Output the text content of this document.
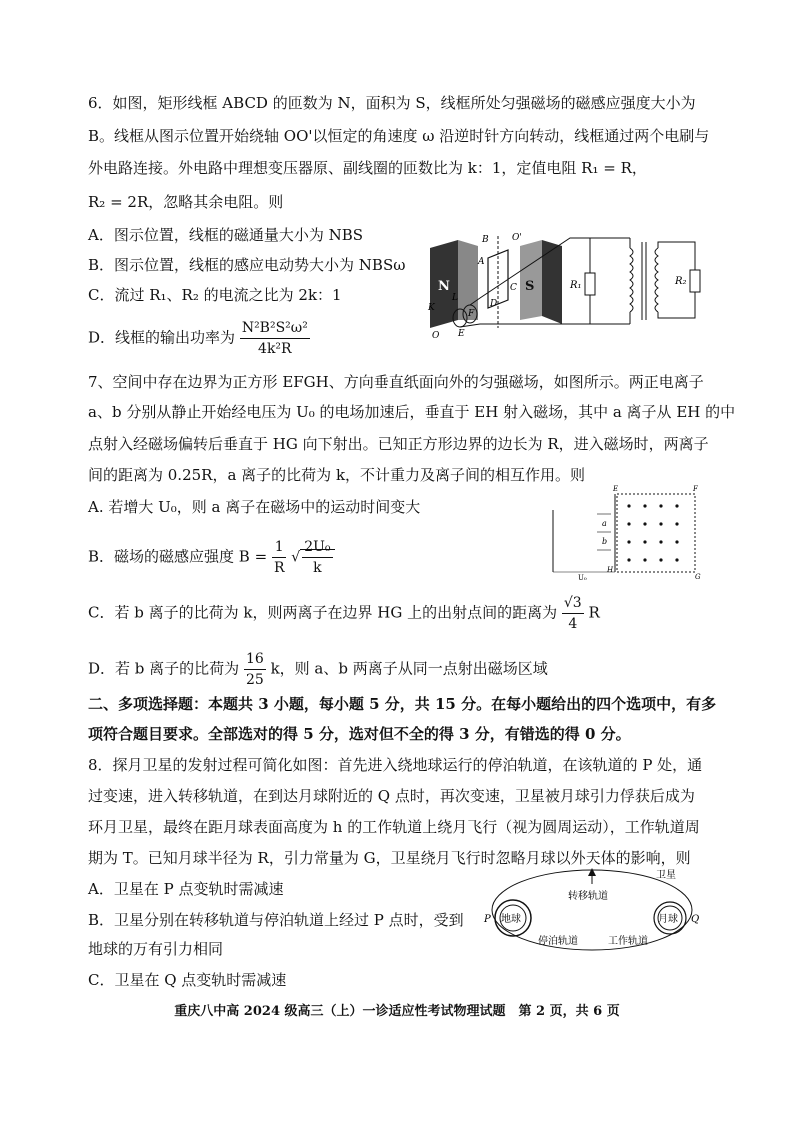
6．如图，矩形线框 ABCD 的匝数为 N，面积为 S，线框所处匀强磁场的磁感应强度大小为
B。线框从图示位置开始绕轴 OO'以恒定的角速度 ω 沿逆时针方向转动，线框通过两个电刷与
外电路连接。外电路中理想变压器原、副线圈的匝数比为 k：1，定值电阻 R₁ = R，
R₂ = 2R，忽略其余电阻。则
A．图示位置，线框的磁通量大小为 NBS
B．图示位置，线框的感应电动势大小为 NBSω
C．流过 R₁、R₂ 的电流之比为 2k：1
D．线框的输出功率为 $\frac{\text{N²B²S²ω²}}{\text{4k²R}}$
N	S
B
A
C
D
O'
K
L
F
O E
R₁	R₂
7、空间中存在边界为正方形 EFGH、方向垂直纸面向外的匀强磁场，如图所示。两正电离子
a、b 分别从静止开始经电压为 U₀ 的电场加速后，垂直于 EH 射入磁场，其中 a 离子从 EH 的中
点射入经磁场偏转后垂直于 HG 向下射出。已知正方形边界的边长为 R，进入磁场时，两离子
间的距离为 0.25R，a 离子的比荷为 k，不计重力及离子间的相互作用。则
A. 若增大 U₀，则 a 离子在磁场中的运动时间变大
B．磁场的磁感应强度 $B = \frac{1}{R}$ √ $\frac{\text{2U₀}}{k}$
C．若 b 离子的比荷为 k，则两离子在边界 HG 上的出射点间的距离为 $\frac{√3}{4}$ R
D．若 b 离子的比荷为 $\frac{16}{25}$ k，则 a、b 两离子从同一点射出磁场区域
U₀
E	F
H
G
a
b
二、多项选择题：本题共 3 小题，每小题 5 分，共 15 分。在每小题给出的四个选项中，有多
项符合题目要求。全部选对的得 5 分，选对但不全的得 3 分，有错选的得 0 分。
8．探月卫星的发射过程可简化如图：首先进入绕地球运行的停泊轨道，在该轨道的 P 处，通
过变速，进入转移轨道，在到达月球附近的 Q 点时，再次变速，卫星被月球引力俘获后成为
环月卫星，最终在距月球表面高度为 h 的工作轨道上绕月飞行（视为圆周运动），工作轨道周
期为 T。已知月球半径为 R，引力常量为 G，卫星绕月飞行时忽略月球以外天体的影响，则
A．卫星在 P 点变轨时需减速
B．卫星分别在转移轨道与停泊轨道上经过 P 点时，受到
地球的万有引力相同
C．卫星在 Q 点变轨时需减速
地球	月球
P	Q
转移轨道
卫星
停泊轨道	工作轨道
重庆八中高 2024 级高三（上）一诊适应性考试物理试题　第 2 页，共 6 页
